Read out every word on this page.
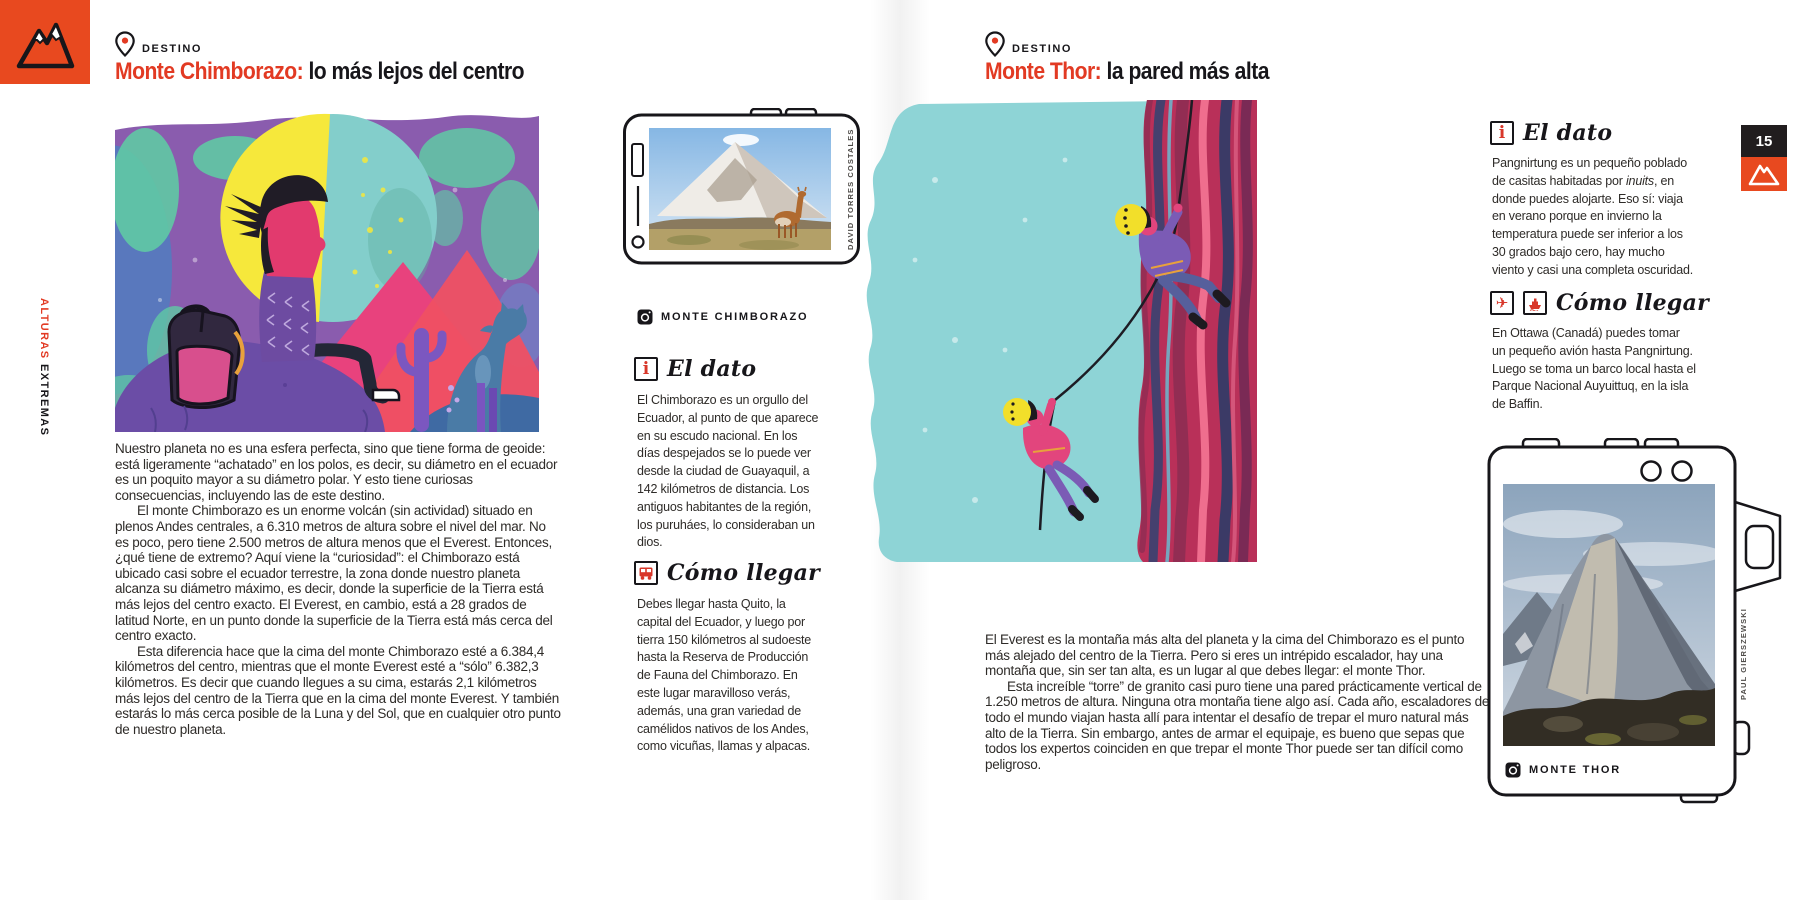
ALTURAS EXTREMAS
DESTINO
Monte Chimborazo: lo más lejos del centro

Nuestro planeta no es una esfera perfecta, sino que tiene forma de geoide: está ligeramente “achatado” en los polos, es decir, su diámetro en el ecuador es un poquito mayor a su diámetro polar. Y esto tiene curiosas consecuencias, incluyendo las de este destino.

El monte Chimborazo es un enorme volcán (sin actividad) situado en plenos Andes centrales, a 6.310 metros de altura sobre el nivel del mar. No es poco, pero tiene 2.500 metros de altura menos que el Everest. Entonces, ¿qué tiene de extremo? Aquí viene la “curiosidad”: el Chimborazo está ubicado casi sobre el ecuador terrestre, la zona donde nuestro planeta alcanza su diámetro máximo, es decir, donde la superficie de la Tierra está más lejos del centro exacto. El Everest, en cambio, está a 28 grados de latitud Norte, en un punto donde la superficie de la Tierra está más cerca del centro exacto.

Esta diferencia hace que la cima del monte Chimborazo esté a 6.384,4 kilómetros del centro, mientras que el monte Everest esté a “sólo” 6.382,3 kilómetros. Es decir que cuando llegues a su cima, estarás 2,1 kilómetros más lejos del centro de la Tierra que en la cima del monte Everest. Y también estarás lo más cerca posible de la Luna y del Sol, que en cualquier otro punto de nuestro planeta.

DAVID TORRES COSTALES
MONTE CHIMBORAZO
i El dato
El Chimborazo es un orgullo del Ecuador, al punto de que aparece en su escudo nacional. En los días despejados se lo puede ver desde la ciudad de Guayaquil, a 142 kilómetros de distancia. Los antiguos habitantes de la región, los puruháes, lo consideraban un dios.
Cómo llegar
Debes llegar hasta Quito, la capital del Ecuador, y luego por tierra 150 kilómetros al sudoeste hasta la Reserva de Producción de Fauna del Chimborazo. En este lugar maravilloso verás, además, una gran variedad de camélidos nativos de los Andes, como vicuñas, llamas y alpacas.
DESTINO
Monte Thor: la pared más alta

El Everest es la montaña más alta del planeta y la cima del Chimborazo es el punto más alejado del centro de la Tierra. Pero si eres un intrépido escalador, hay una montaña que, sin ser tan alta, es un lugar al que debes llegar: el monte Thor.

Esta increíble “torre” de granito casi puro tiene una pared prácticamente vertical de 1.250 metros de altura. Ninguna otra montaña tiene algo así. Cada año, escaladores de todo el mundo viajan hasta allí para intentar el desafío de trepar el muro natural más alto de la Tierra. Sin embargo, antes de armar el equipaje, es bueno que sepas que todos los expertos coinciden en que trepar el monte Thor puede ser tan difícil como peligroso.

i El dato
Pangnirtung es un pequeño poblado de casitas habitadas por inuits, en donde puedes alojarte. Eso sí: viaja en verano porque en invierno la temperatura puede ser inferior a los 30 grados bajo cero, hay mucho viento y casi una completa oscuridad.
✈ Cómo llegar
En Ottawa (Canadá) puedes tomar un pequeño avión hasta Pangnirtung. Luego se toma un barco local hasta el Parque Nacional Auyuittuq, en la isla de Baffin.
PAUL GIERSZEWSKI
MONTE THOR
15
